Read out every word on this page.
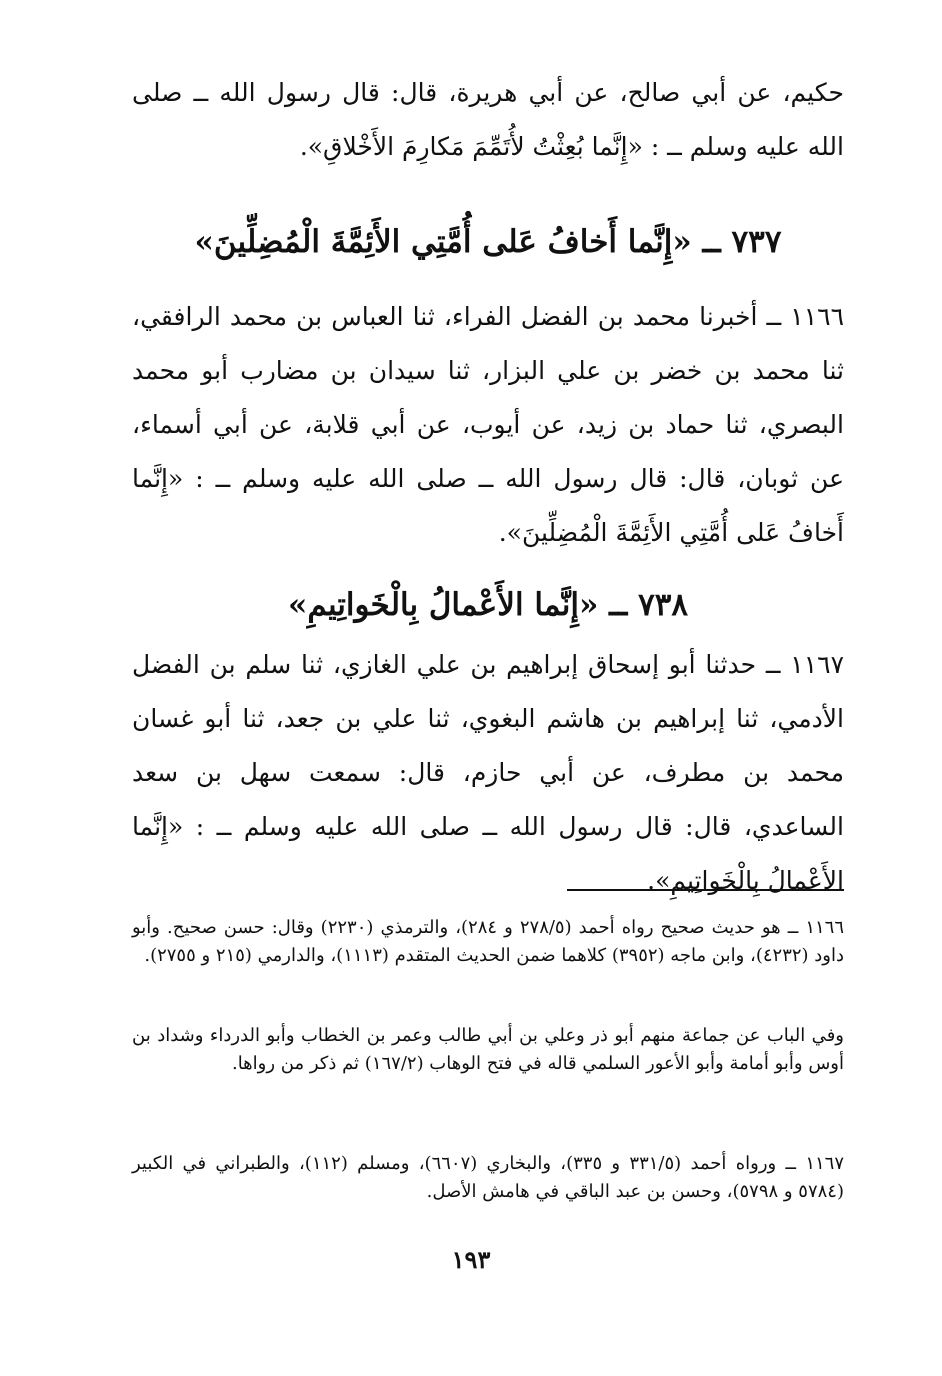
حكيم، عن أبي صالح، عن أبي هريرة، قال: قال رسول الله ــ صلى الله عليه وسلم ــ : «إِنَّما بُعِثْتُ لأُتَمِّمَ مَكارِمَ الأَخْلاقِ».

٧٣٧ ــ «إِنَّما أَخافُ عَلى أُمَّتِي الأَئِمَّةَ الْمُضِلِّينَ»

١١٦٦ ــ أخبرنا محمد بن الفضل الفراء، ثنا العباس بن محمد الرافقي، ثنا محمد بن خضر بن علي البزار، ثنا سيدان بن مضارب أبو محمد البصري، ثنا حماد بن زيد، عن أيوب، عن أبي قلابة، عن أبي أسماء، عن ثوبان، قال: قال رسول الله ــ صلى الله عليه وسلم ــ : «إِنَّما أَخافُ عَلى أُمَّتِي الأَئِمَّةَ الْمُضِلِّينَ».

٧٣٨ ــ «إِنَّما الأَعْمالُ بِالْخَواتِيمِ»

١١٦٧ ــ حدثنا أبو إسحاق إبراهيم بن علي الغازي، ثنا سلم بن الفضل الأدمي، ثنا إبراهيم بن هاشم البغوي، ثنا علي بن جعد، ثنا أبو غسان محمد بن مطرف، عن أبي حازم، قال: سمعت سهل بن سعد الساعدي، قال: قال رسول الله ــ صلى الله عليه وسلم ــ : «إِنَّما الأَعْمالُ بِالْخَواتِيمِ».

١١٦٦ ــ هو حديث صحيح رواه أحمد (٢٧٨/٥ و ٢٨٤)، والترمذي (٢٢٣٠) وقال: حسن صحيح. وأبو داود (٤٢٣٢)، وابن ماجه (٣٩٥٢) كلاهما ضمن الحديث المتقدم (١١١٣)، والدارمي (٢١٥ و ٢٧٥٥).

وفي الباب عن جماعة منهم أبو ذر وعلي بن أبي طالب وعمر بن الخطاب وأبو الدرداء وشداد بن أوس وأبو أمامة وأبو الأعور السلمي قاله في فتح الوهاب (١٦٧/٢) ثم ذكر من رواها.

١١٦٧ ــ ورواه أحمد (٣٣١/٥ و ٣٣٥)، والبخاري (٦٦٠٧)، ومسلم (١١٢)، والطبراني في الكبير (٥٧٨٤ و ٥٧٩٨)، وحسن بن عبد الباقي في هامش الأصل.

١٩٣
